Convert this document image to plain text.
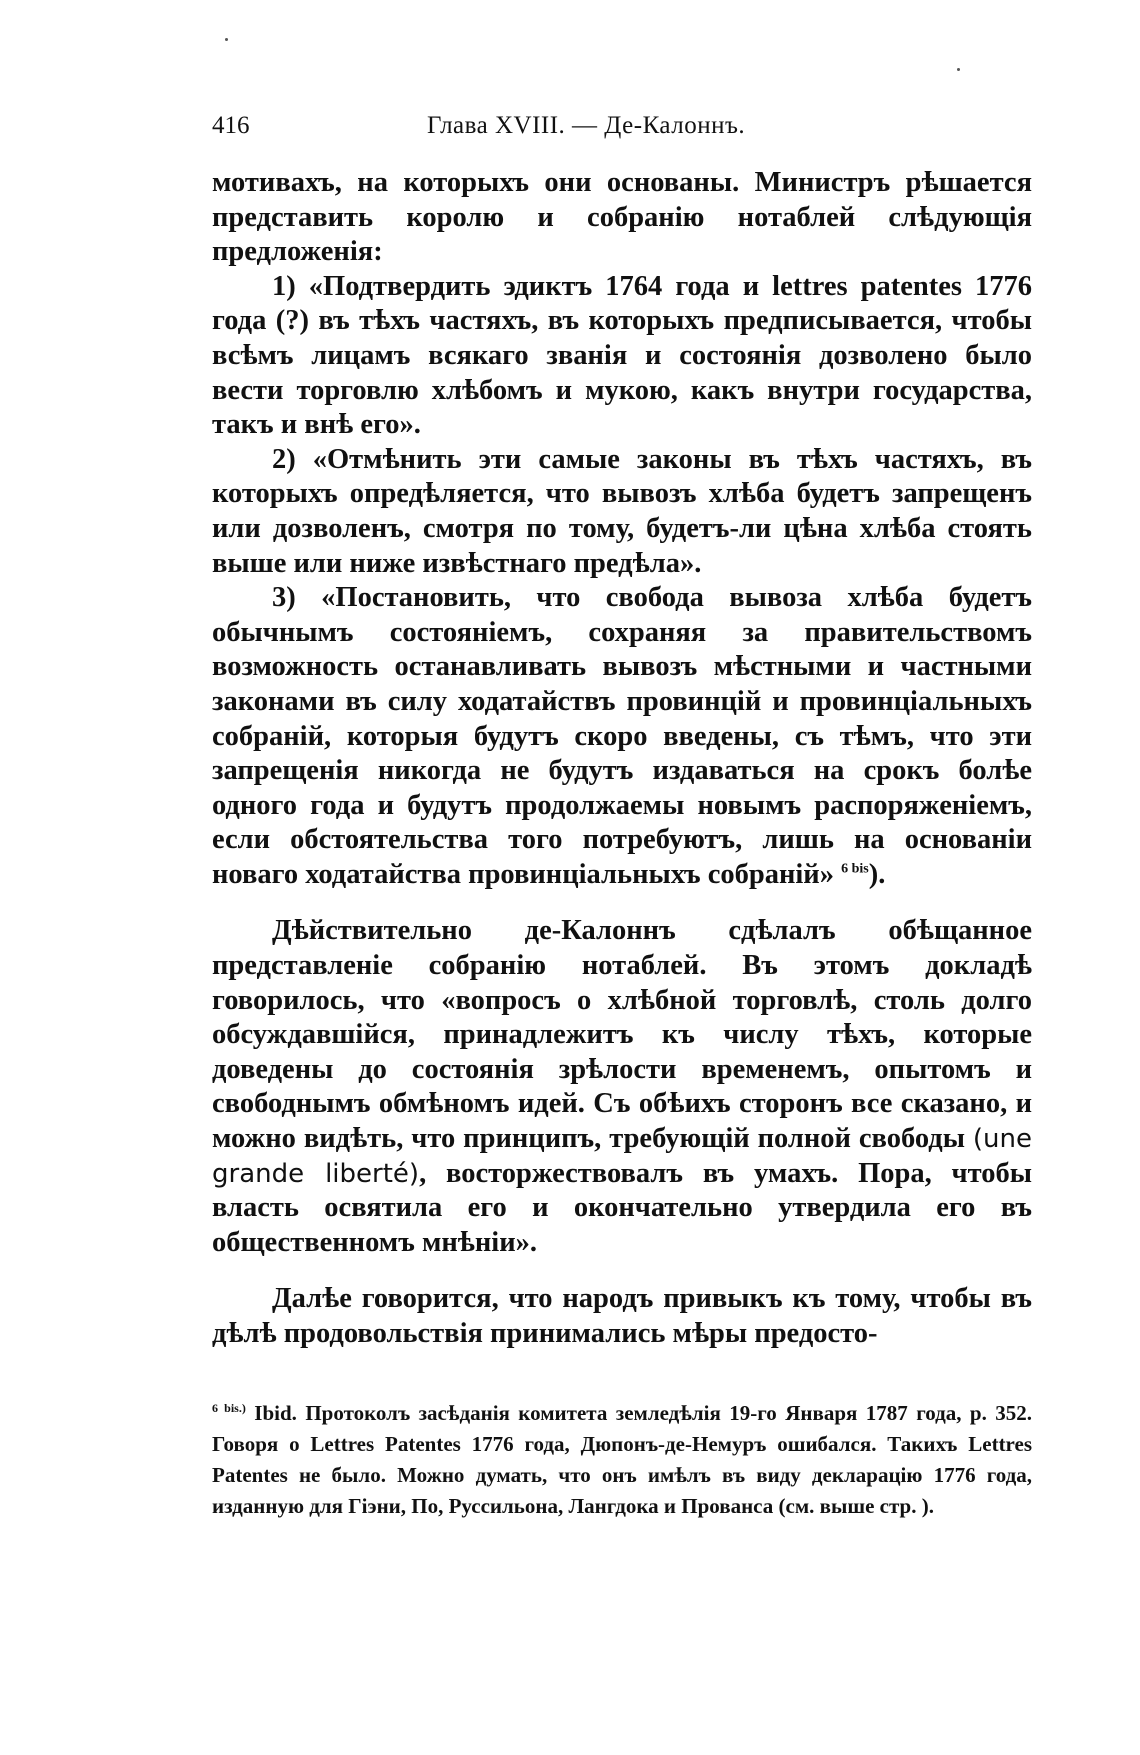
416	Глава XVIII. — Де-Калоннъ.

мотивахъ, на которыхъ они основаны. Министръ рѣшается представить королю и собранію нотаблей слѣдующія предложенія:

1) «Подтвердить эдиктъ 1764 года и lettres patentes 1776 года (?) въ тѣхъ частяхъ, въ которыхъ предписывается, чтобы всѣмъ лицамъ всякаго званія и состоянія дозволено было вести торговлю хлѣбомъ и мукою, какъ внутри государства, такъ и внѣ его».

2) «Отмѣнить эти самые законы въ тѣхъ частяхъ, въ которыхъ опредѣляется, что вывозъ хлѣба будетъ запрещенъ или дозволенъ, смотря по тому, будетъ-ли цѣна хлѣба стоять выше или ниже извѣстнаго предѣла».

3) «Постановить, что свобода вывоза хлѣба будетъ обычнымъ состояніемъ, сохраняя за правительствомъ возможность останавливать вывозъ мѣстными и частными законами въ силу ходатайствъ провинцій и провинціальныхъ собраній, которыя будутъ скоро введены, съ тѣмъ, что эти запрещенія никогда не будутъ издаваться на срокъ болѣе одного года и будутъ продолжаемы новымъ распоряженіемъ, если обстоятельства того потребуютъ, лишь на основаніи новаго ходатайства провинціальныхъ собраній» $^{6 bis}$).

Дѣйствительно де-Калоннъ сдѣлалъ обѣщанное представленіе собранію нотаблей. Въ этомъ докладѣ говорилось, что «вопросъ о хлѣбной торговлѣ, столь долго обсуждавшійся, принадлежитъ къ числу тѣхъ, которые доведены до состоянія зрѣлости временемъ, опытомъ и свободнымъ обмѣномъ идей. Съ обѣихъ сторонъ все сказано, и можно видѣть, что принципъ, требующій полной свободы (une grande liberté), восторжествовалъ въ умахъ. Пора, чтобы власть освятила его и окончательно утвердила его въ общественномъ мнѣніи».

Далѣе говорится, что народъ привыкъ къ тому, чтобы въ дѣлѣ продовольствія принимались мѣры предосто-

$^{6 bis.)}$ Ibid. Протоколъ засѣданія комитета земледѣлія 19-го Января 1787 года, р. 352. Говоря о Lettres Patentes 1776 года, Дюпонъ-де-Немуръ ошибался. Такихъ Lettres Patentes не было. Можно думать, что онъ имѣлъ въ виду декларацію 1776 года, изданную для Гіэни, По, Руссильона, Лангдока и Прованса (см. выше стр. ).
